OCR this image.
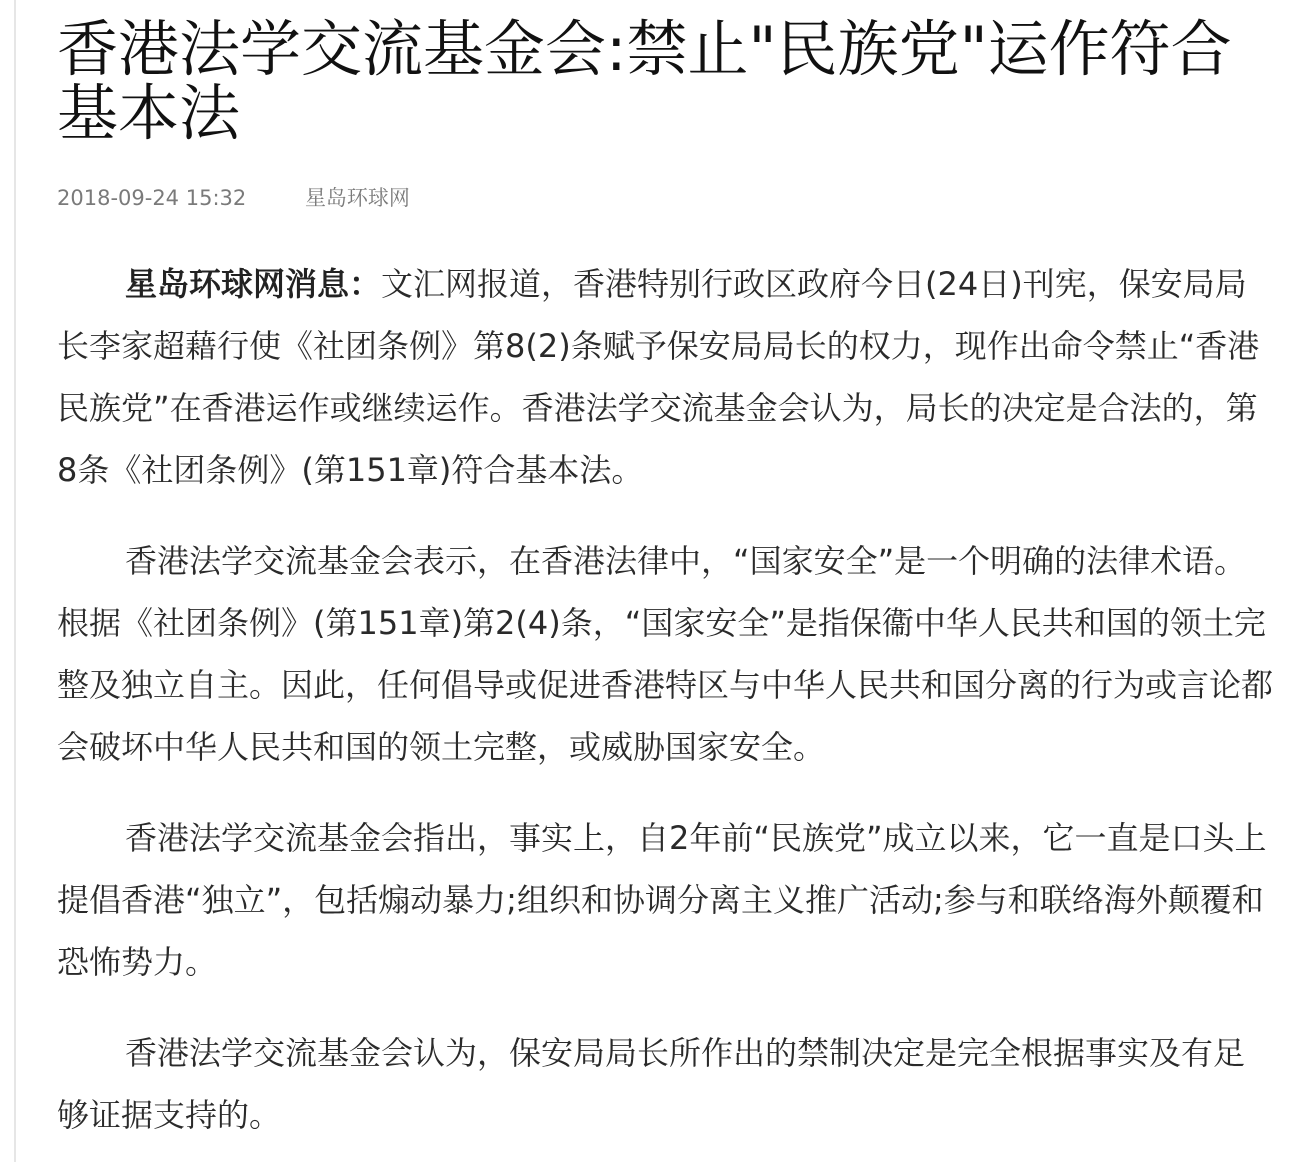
香港法学交流基金会:禁止"民族党"运作符合基本法
2018-09-24 15:32	星岛环球网

星岛环球网消息：文汇网报道，香港特别行政区政府今日(24日)刊宪，保安局局长李家超藉行使《社团条例》第8(2)条赋予保安局局长的权力，现作出命令禁止“香港民族党”在香港运作或继续运作。香港法学交流基金会认为，局长的决定是合法的，第8条《社团条例》(第151章)符合基本法。

香港法学交流基金会表示，在香港法律中，“国家安全”是一个明确的法律术语。根据《社团条例》(第151章)第2(4)条，“国家安全”是指保衞中华人民共和国的领土完整及独立自主。因此，任何倡导或促进香港特区与中华人民共和国分离的行为或言论都会破坏中华人民共和国的领土完整，或威胁国家安全。

香港法学交流基金会指出，事实上，自2年前“民族党”成立以来，它一直是口头上提倡香港“独立”，包括煽动暴力;组织和协调分离主义推广活动;参与和联络海外颠覆和恐怖势力。

香港法学交流基金会认为，保安局局长所作出的禁制决定是完全根据事实及有足够证据支持的。
